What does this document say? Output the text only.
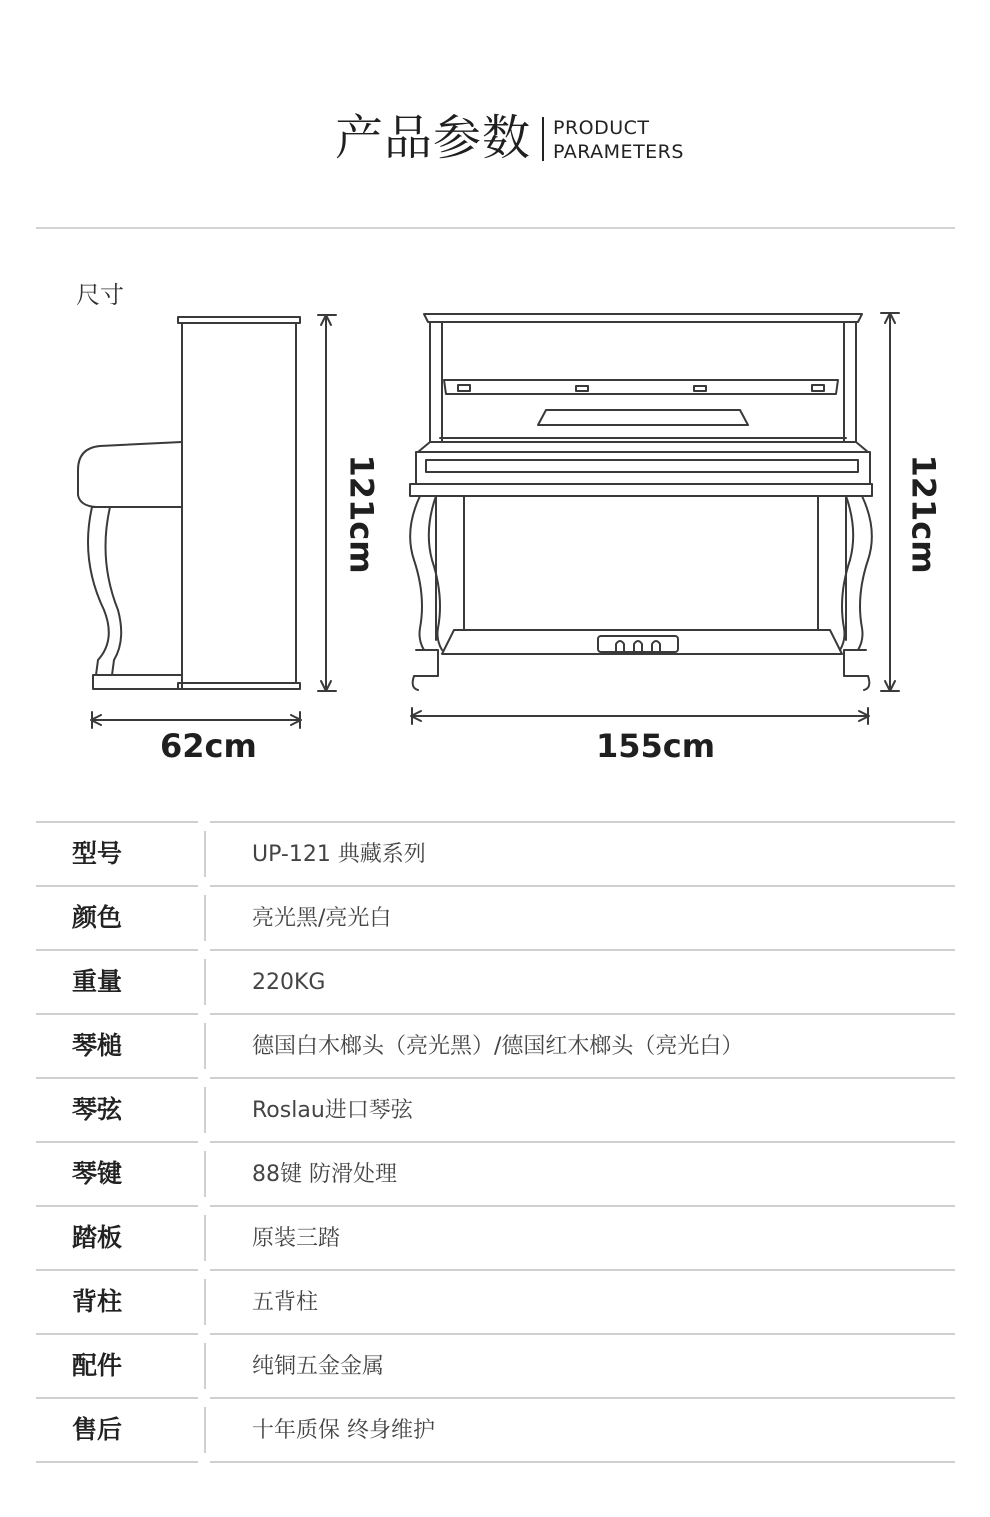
产品参数 PRODUCT
PARAMETERS
尺寸
62cm	155cm
121cm	121cm
型号	UP-121 典藏系列
颜色	亮光黑/亮光白
重量	220KG
琴槌	德国白木榔头（亮光黑）/德国红木榔头（亮光白）
琴弦	Roslau进口琴弦
琴键	88键 防滑处理
踏板	原装三踏
背柱	五背柱
配件	纯铜五金金属
售后	十年质保 终身维护
